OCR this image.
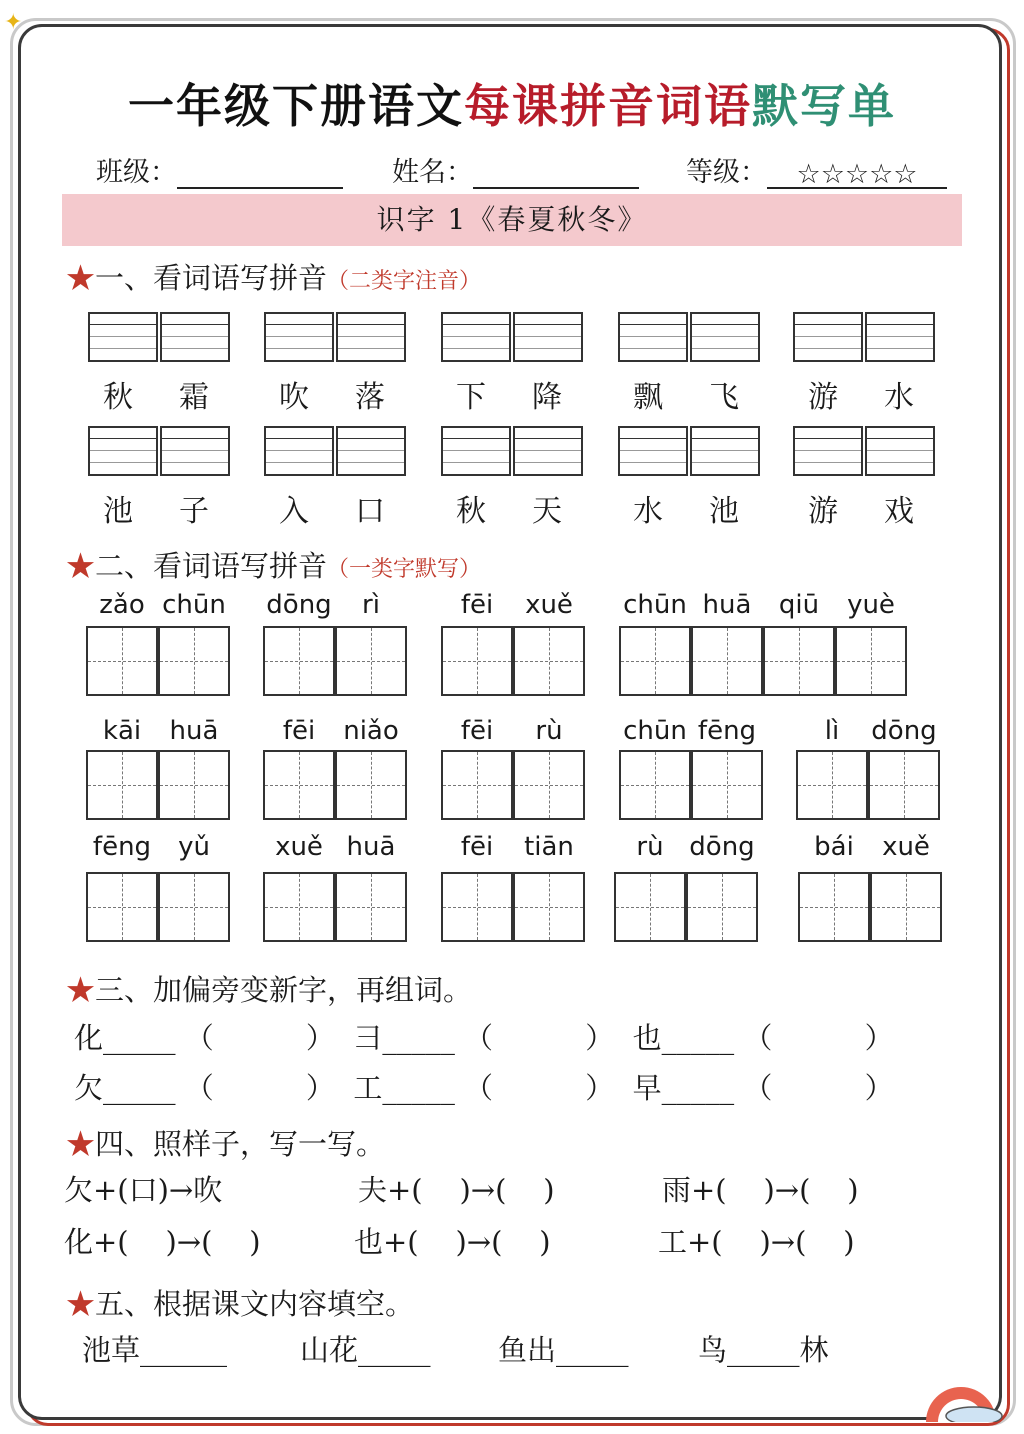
✦
一年级下册语文每课拼音词语默写单
班级：	姓名：	等级： ☆☆☆☆☆
识字 1《春夏秋冬》
★一、看词语写拼音（二类字注音）
秋	霜	吹	落	下	降	飘	飞	游	水
池	子	入	口	秋	天	水	池	游	戏
★二、看词语写拼音（一类字默写）
zǎo chūn	dōng	rì	fēi	xuě	chūn huā	qiū	yuè
kāi	huā	fēi	niǎo	fēi	rù	chūn fēng	lì	dōng
fēng	yǔ	xuě huā	fēi	tiān	rù dōng	bái	xuě
★三、加偏旁变新字，再组词。
化_____ （          ）  彐_____ （          ）  也_____ （          ）
欠_____ （          ）  工_____ （          ）  早_____ （          ）
★四、照样子，写一写。
欠+(口)→吹	夫+(    )→(    )	雨+(    )→(    )
化+(    )→(    )	也+(    )→(    )	工+(    )→(    )
★五、根据课文内容填空。
池草______	山花_____ 鱼出_____ 鸟_____林
